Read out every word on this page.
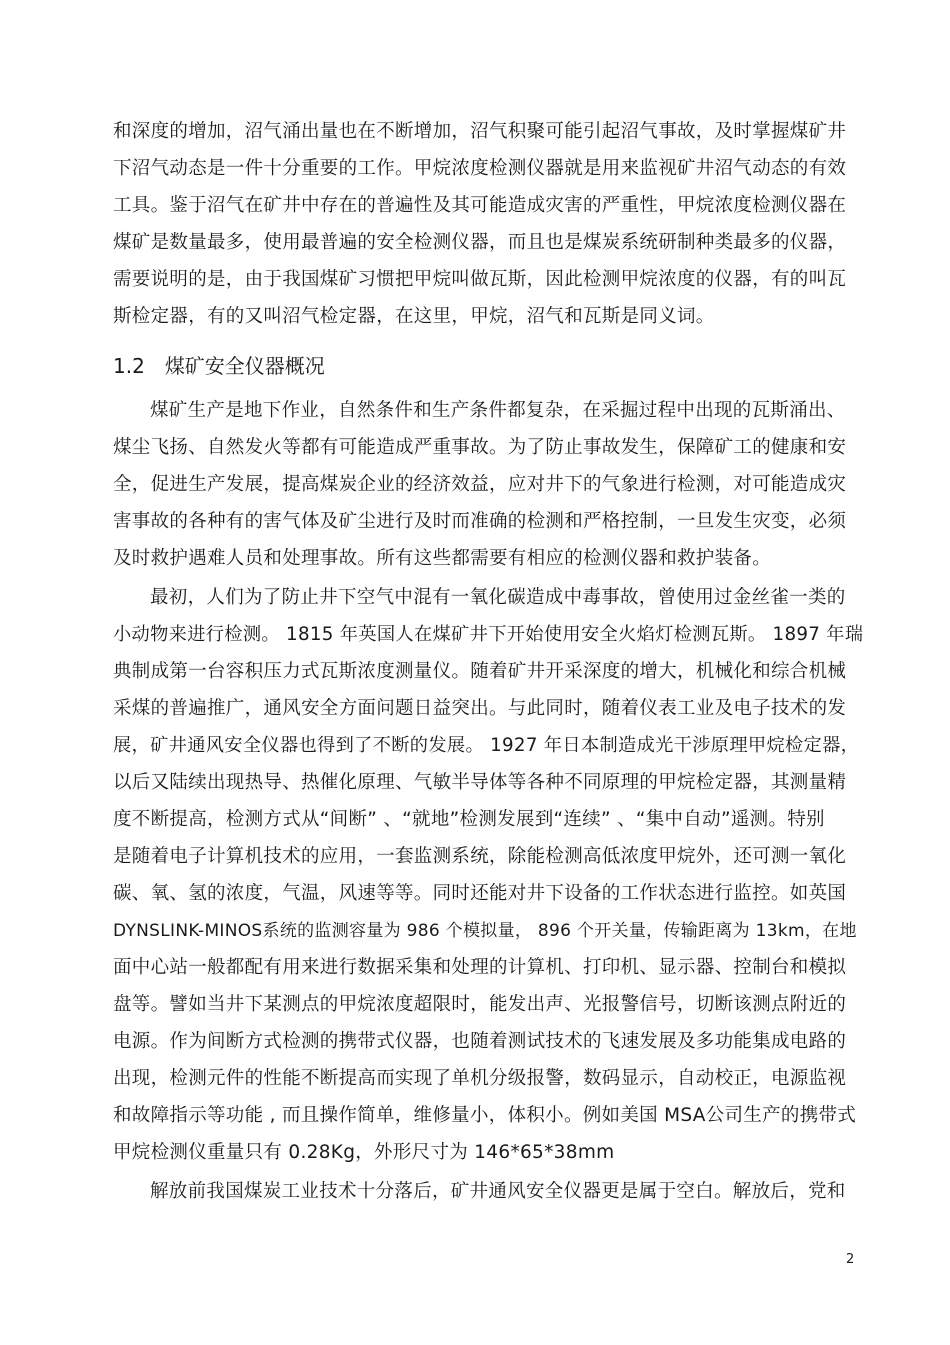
和深度的增加，沼气涌出量也在不断增加，沼气积聚可能引起沼气事故，及时掌握煤矿井
下沼气动态是一件十分重要的工作。甲烷浓度检测仪器就是用来监视矿井沼气动态的有效
工具。鉴于沼气在矿井中存在的普遍性及其可能造成灾害的严重性，甲烷浓度检测仪器在
煤矿是数量最多，使用最普遍的安全检测仪器，而且也是煤炭系统研制种类最多的仪器，
需要说明的是，由于我国煤矿习惯把甲烷叫做瓦斯，因此检测甲烷浓度的仪器，有的叫瓦
斯检定器，有的又叫沼气检定器，在这里，甲烷，沼气和瓦斯是同义词。
1.2 煤矿安全仪器概况
煤矿生产是地下作业，自然条件和生产条件都复杂，在采掘过程中出现的瓦斯涌出、
煤尘飞扬、自然发火等都有可能造成严重事故。为了防止事故发生，保障矿工的健康和安
全，促进生产发展，提高煤炭企业的经济效益，应对井下的气象进行检测，对可能造成灾
害事故的各种有的害气体及矿尘进行及时而准确的检测和严格控制，一旦发生灾变，必须
及时救护遇难人员和处理事故。所有这些都需要有相应的检测仪器和救护装备。
最初，人们为了防止井下空气中混有一氧化碳造成中毒事故，曾使用过金丝雀一类的
小动物来进行检测。 1815 年英国人在煤矿井下开始使用安全火焰灯检测瓦斯。 1897 年瑞
典制成第一台容积压力式瓦斯浓度测量仪。随着矿井开采深度的增大，机械化和综合机械
采煤的普遍推广，通风安全方面问题日益突出。与此同时，随着仪表工业及电子技术的发
展，矿井通风安全仪器也得到了不断的发展。 1927 年日本制造成光干涉原理甲烷检定器，
以后又陆续出现热导、热催化原理、气敏半导体等各种不同原理的甲烷检定器，其测量精
度不断提高，检测方式从“间断” 、“就地”检测发展到“连续” 、“集中自动”遥测。特别
是随着电子计算机技术的应用，一套监测系统，除能检测高低浓度甲烷外，还可测一氧化
碳、氧、氢的浓度，气温，风速等等。同时还能对井下设备的工作状态进行监控。如英国
DYNSLINK-MINOS系统的监测容量为 986 个模拟量， 896 个开关量，传输距离为 13km，在地
面中心站一般都配有用来进行数据采集和处理的计算机、打印机、显示器、控制台和模拟
盘等。譬如当井下某测点的甲烷浓度超限时，能发出声、光报警信号，切断该测点附近的
电源。作为间断方式检测的携带式仪器，也随着测试技术的飞速发展及多功能集成电路的
出现，检测元件的性能不断提高而实现了单机分级报警，数码显示，自动校正，电源监视
和故障指示等功能 , 而且操作简单，维修量小，体积小。例如美国 MSA公司生产的携带式
甲烷检测仪重量只有 0.28Kg，外形尺寸为 146*65*38mm
解放前我国煤炭工业技术十分落后，矿井通风安全仪器更是属于空白。解放后，党和
2
